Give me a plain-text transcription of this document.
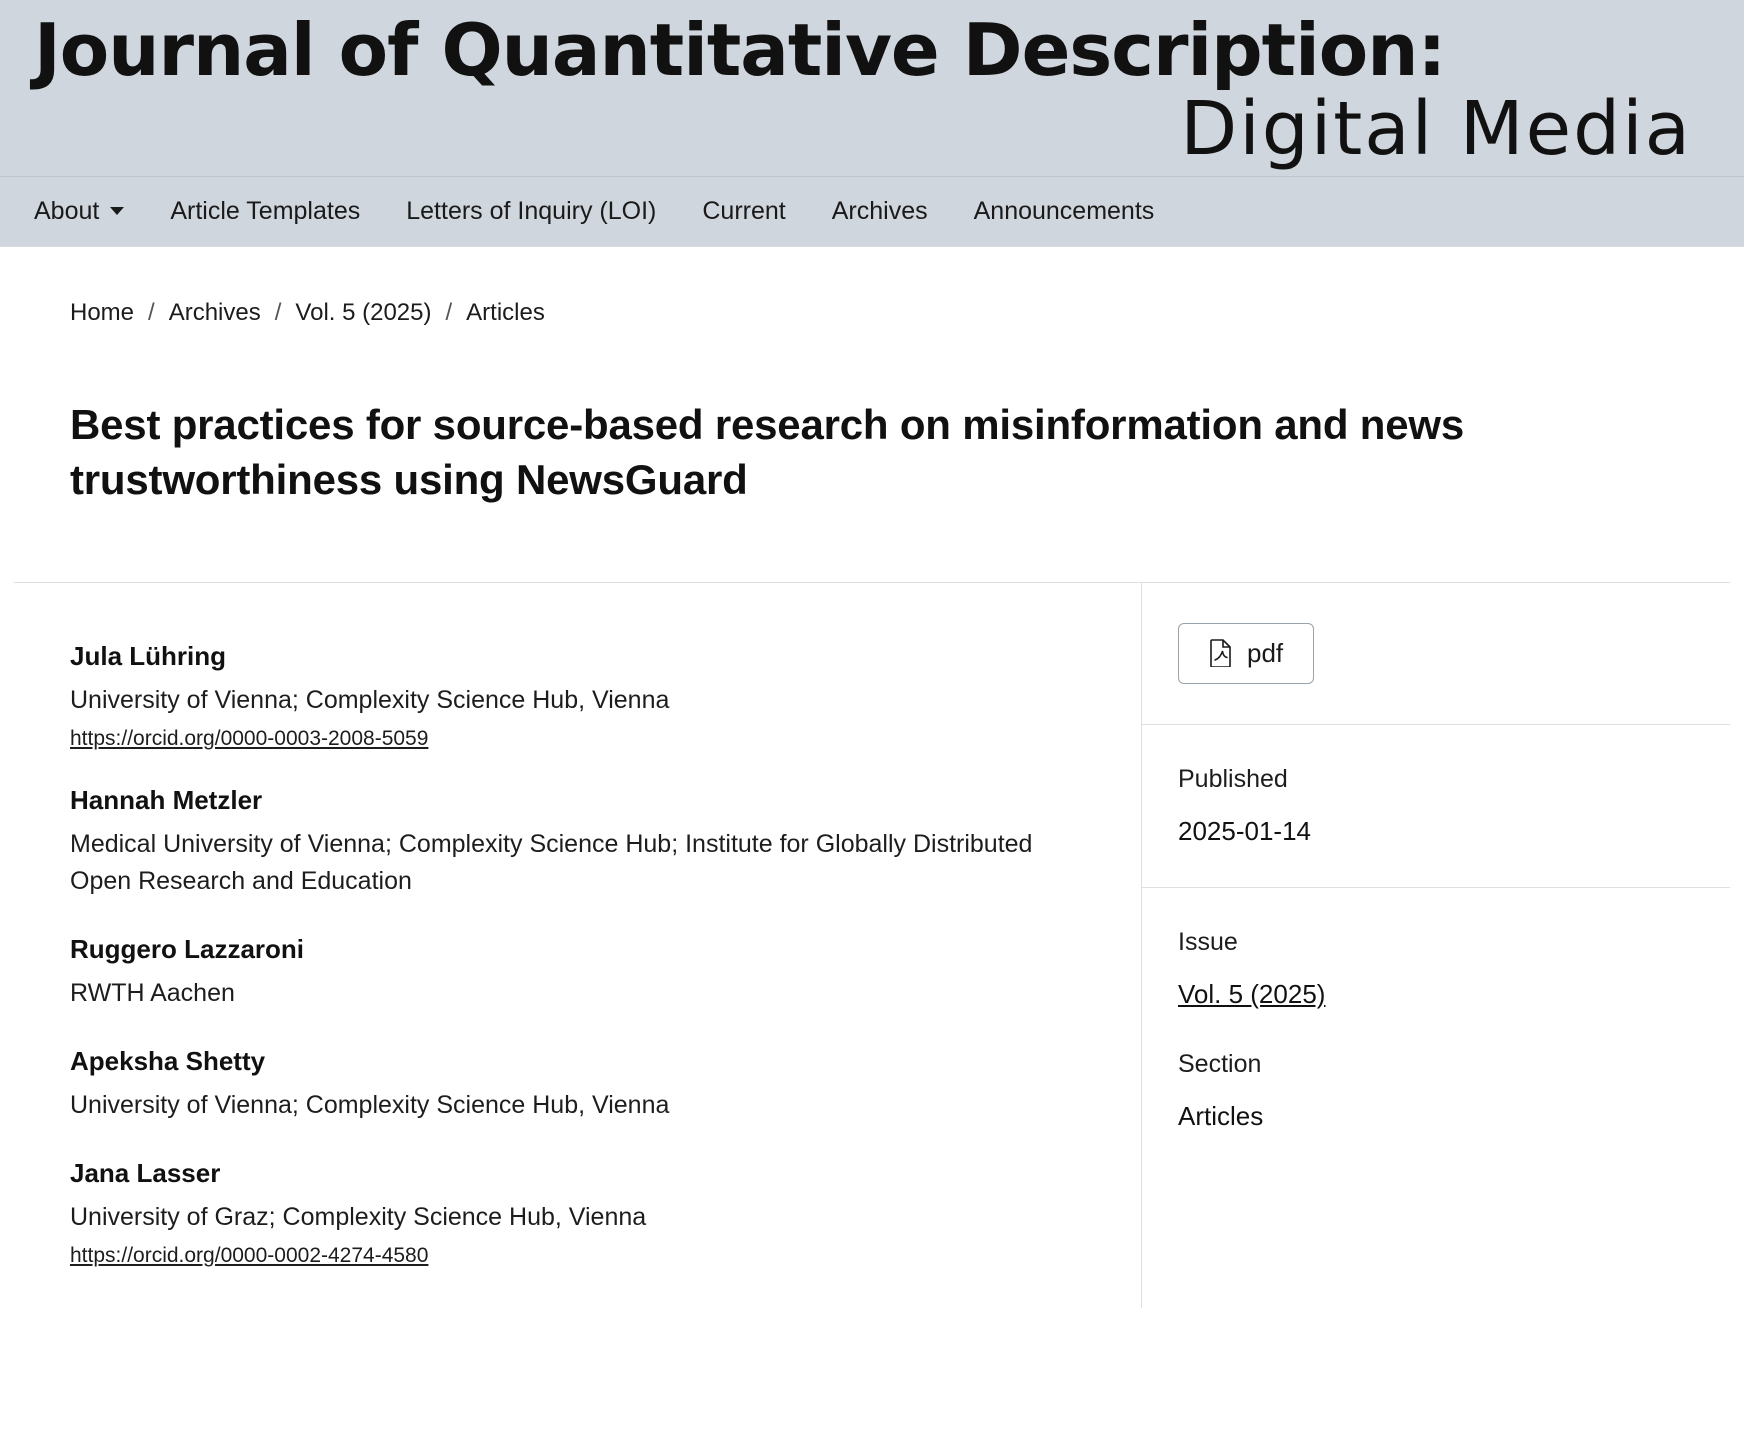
Journal of Quantitative Description:
Digital Media
About	Article Templates Letters of Inquiry (LOI) Current Archives Announcements
Home / Archives / Vol. 5 (2025) / Articles
Best practices for source-based research on misinformation and news trustworthiness using NewsGuard
Jula Lühring
University of Vienna; Complexity Science Hub, Vienna
https://orcid.org/0000-0003-2008-5059
Hannah Metzler
Medical University of Vienna; Complexity Science Hub; Institute for Globally Distributed Open Research and Education
Ruggero Lazzaroni
RWTH Aachen
Apeksha Shetty
University of Vienna; Complexity Science Hub, Vienna
Jana Lasser
University of Graz; Complexity Science Hub, Vienna
https://orcid.org/0000-0002-4274-4580
pdf
Published
2025-01-14
Issue
Vol. 5 (2025)
Section
Articles
